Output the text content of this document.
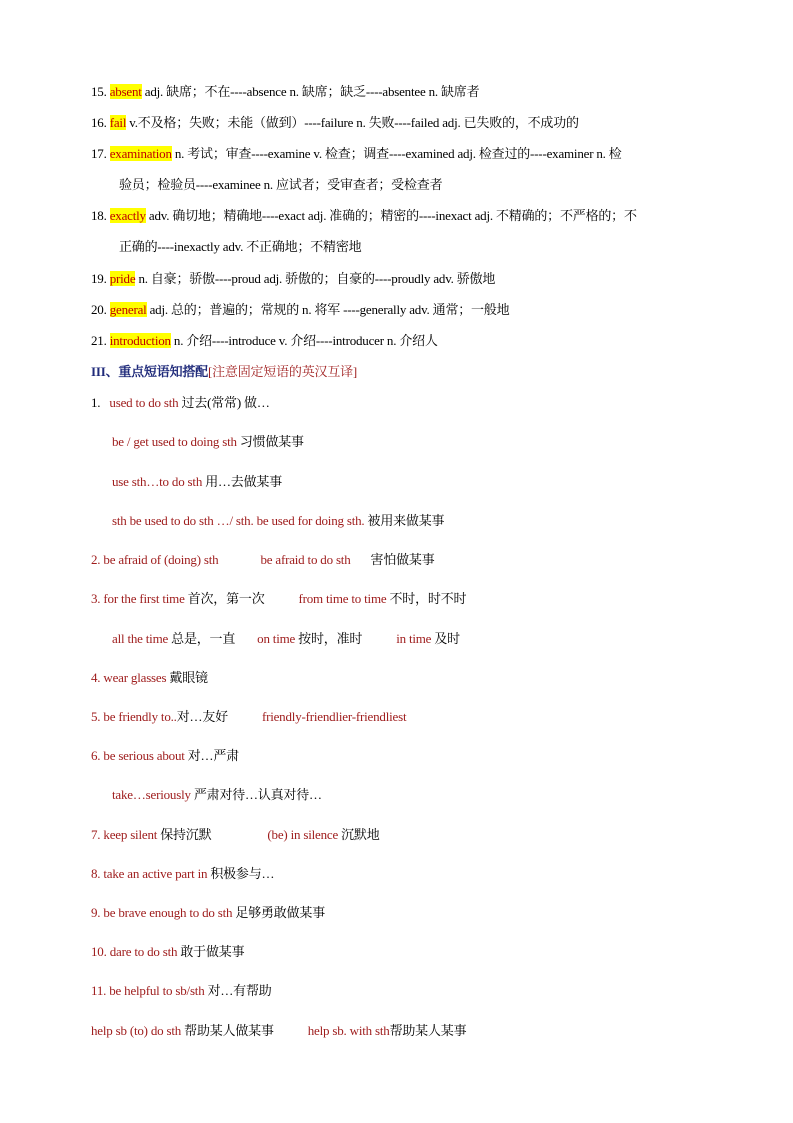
15. absent adj. 缺席；不在----absence n. 缺席；缺乏----absentee n. 缺席者
16. fail v.不及格；失败；未能（做到）----failure n. 失败----failed adj. 已失败的，不成功的
17. examination n. 考试；审查----examine v. 检查；调查----examined adj. 检查过的----examiner n. 检
验员；检验员----examinee n. 应试者；受审查者；受检查者
18. exactly adv. 确切地；精确地----exact adj. 准确的；精密的----inexact adj. 不精确的；不严格的；不
正确的----inexactly adv. 不正确地；不精密地
19. pride n. 自豪；骄傲----proud adj. 骄傲的；自豪的----proudly adv. 骄傲地
20. general adj. 总的；普遍的；常规的 n. 将军 ----generally adv. 通常；一般地
21. introduction n. 介绍----introduce v. 介绍----introducer n. 介绍人
III、重点短语知搭配[注意固定短语的英汉互译]
1. used to do sth 过去(常常) 做…
be / get used to doing sth 习惯做某事
use sth…to do sth 用…去做某事
sth be used to do sth …/ sth. be used for doing sth. 被用来做某事
2. be afraid of (doing) sth	be afraid to do sth 害怕做某事
3. for the first time 首次，第一次	from time to time 不时，时不时
all the time 总是，一直 on time 按时，准时	in time 及时
4. wear glasses 戴眼镜
5. be friendly to..对…友好	friendly-friendlier-friendliest
6. be serious about 对…严肃
take…seriously 严肃对待…认真对待…
7. keep silent 保持沉默	(be) in silence 沉默地
8. take an active part in 积极参与…
9. be brave enough to do sth 足够勇敢做某事
10. dare to do sth 敢于做某事
11. be helpful to sb/sth 对…有帮助
help sb (to) do sth 帮助某人做某事	help sb. with sth帮助某人某事
